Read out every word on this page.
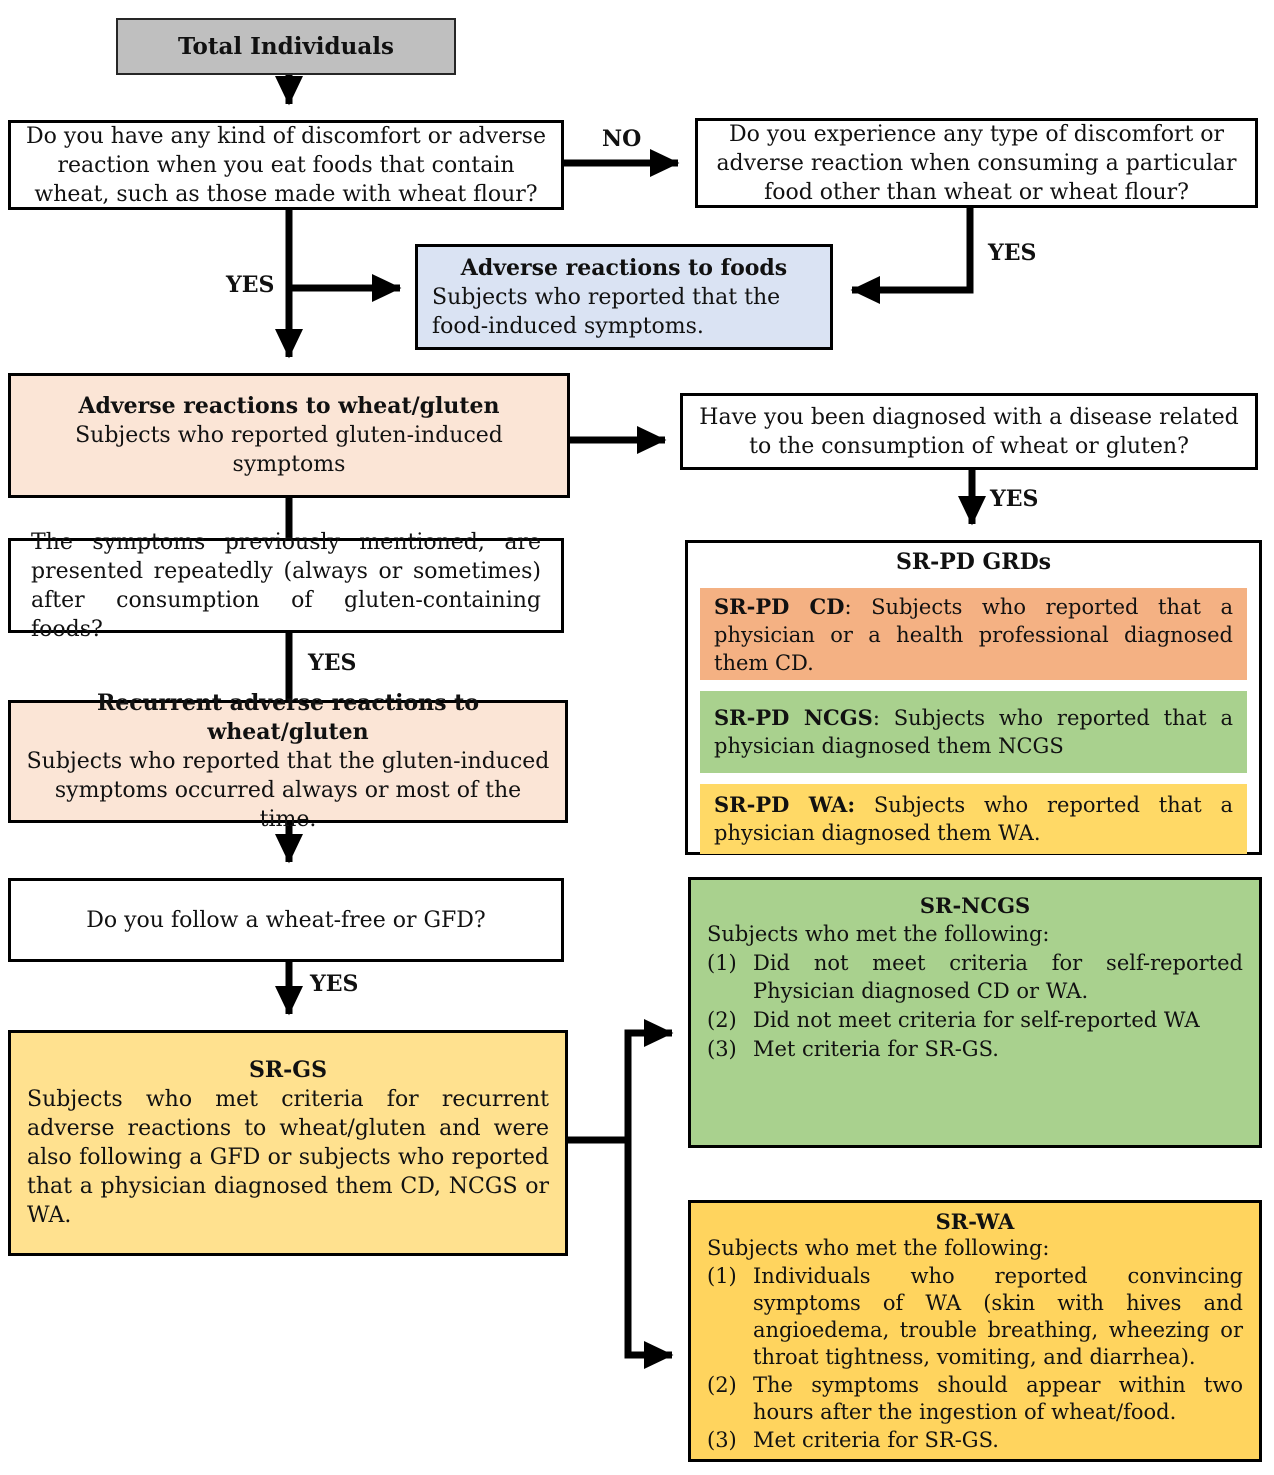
Total Individuals
Do you have any kind of discomfort or adverse reaction when you eat foods that contain wheat, such as those made with wheat flour?
NO	Do you experience any type of discomfort or adverse reaction when consuming a particular food other than wheat or wheat flour?
YES
YES
Adverse reactions to foods
Subjects who reported that the food-induced symptoms.
Adverse reactions to wheat/gluten
Subjects who reported gluten-induced symptoms
Have you been diagnosed with a disease related to the consumption of wheat or gluten?
YES
SR-PD GRDs
SR-PD CD: Subjects who reported that a physician or a health professional diagnosed them CD.
SR-PD NCGS: Subjects who reported that a physician diagnosed them NCGS
SR-PD WA: Subjects who reported that a physician diagnosed them WA.
The symptoms previously mentioned, are presented repeatedly (always or sometimes) after consumption of gluten-containing foods?
YES
Recurrent adverse reactions to wheat/gluten
Subjects who reported that the gluten-induced symptoms occurred always or most of the time.
Do you follow a wheat-free or GFD?
YES
SR-GS
Subjects who met criteria for recurrent adverse reactions to wheat/gluten and were also following a GFD or subjects who reported that a physician diagnosed them CD, NCGS or WA.
SR-NCGS
Subjects who met the following:
(1) Did not meet criteria for self-reported Physician diagnosed CD or WA.
(2) Did not meet criteria for self-reported WA
(3) Met criteria for SR-GS.
SR-WA
Subjects who met the following:
(1) Individuals who reported convincing symptoms of WA (skin with hives and angioedema, trouble breathing, wheezing or throat tightness, vomiting, and diarrhea).
(2) The symptoms should appear within two hours after the ingestion of wheat/food.
(3) Met criteria for SR-GS.
